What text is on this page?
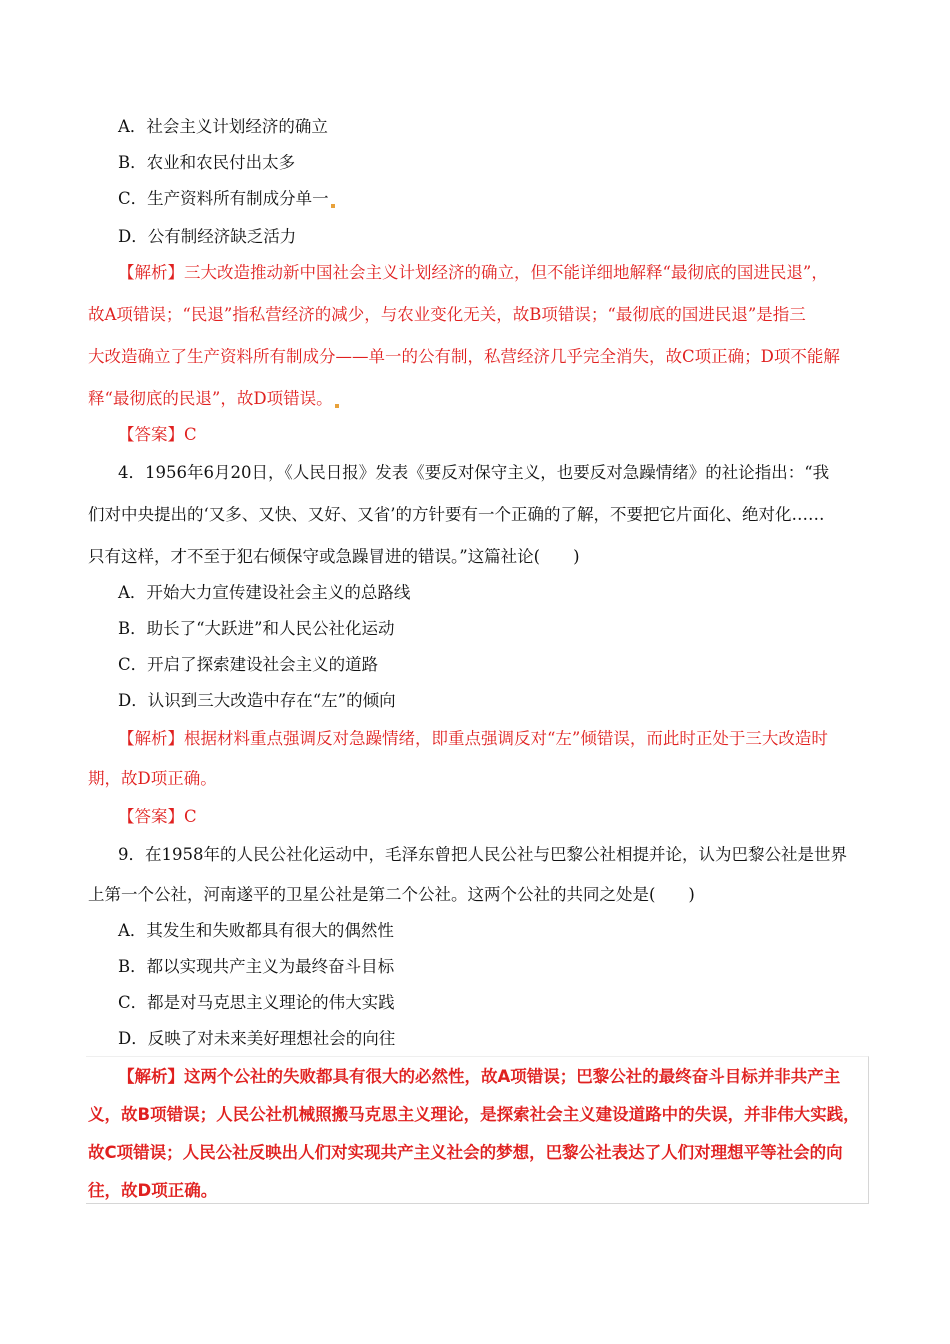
A．社会主义计划经济的确立
B．农业和农民付出太多
C．生产资料所有制成分单一
D．公有制经济缺乏活力
【解析】三大改造推动新中国社会主义计划经济的确立，但不能详细地解释“最彻底的国进民退”，
故A项错误；“民退”指私营经济的减少，与农业变化无关，故B项错误；“最彻底的国进民退”是指三
大改造确立了生产资料所有制成分——单一的公有制，私营经济几乎完全消失，故C项正确；D项不能解
释“最彻底的民退”，故D项错误。
【答案】C
4．1956年6月20日，《人民日报》发表《要反对保守主义，也要反对急躁情绪》的社论指出：“我
们对中央提出的‘又多、又快、又好、又省’的方针要有一个正确的了解，不要把它片面化、绝对化……
只有这样，才不至于犯右倾保守或急躁冒进的错误。”这篇社论(　　)
A．开始大力宣传建设社会主义的总路线
B．助长了“大跃进”和人民公社化运动
C．开启了探索建设社会主义的道路
D．认识到三大改造中存在“左”的倾向
【解析】根据材料重点强调反对急躁情绪，即重点强调反对“左”倾错误，而此时正处于三大改造时
期，故D项正确。
【答案】C
9．在1958年的人民公社化运动中，毛泽东曾把人民公社与巴黎公社相提并论，认为巴黎公社是世界
上第一个公社，河南遂平的卫星公社是第二个公社。这两个公社的共同之处是(　　)
A．其发生和失败都具有很大的偶然性
B．都以实现共产主义为最终奋斗目标
C．都是对马克思主义理论的伟大实践
D．反映了对未来美好理想社会的向往
【解析】这两个公社的失败都具有很大的必然性，故A项错误；巴黎公社的最终奋斗目标并非共产主
义，故B项错误；人民公社机械照搬马克思主义理论，是探索社会主义建设道路中的失误，并非伟大实践，
故C项错误；人民公社反映出人们对实现共产主义社会的梦想，巴黎公社表达了人们对理想平等社会的向
往，故D项正确。
